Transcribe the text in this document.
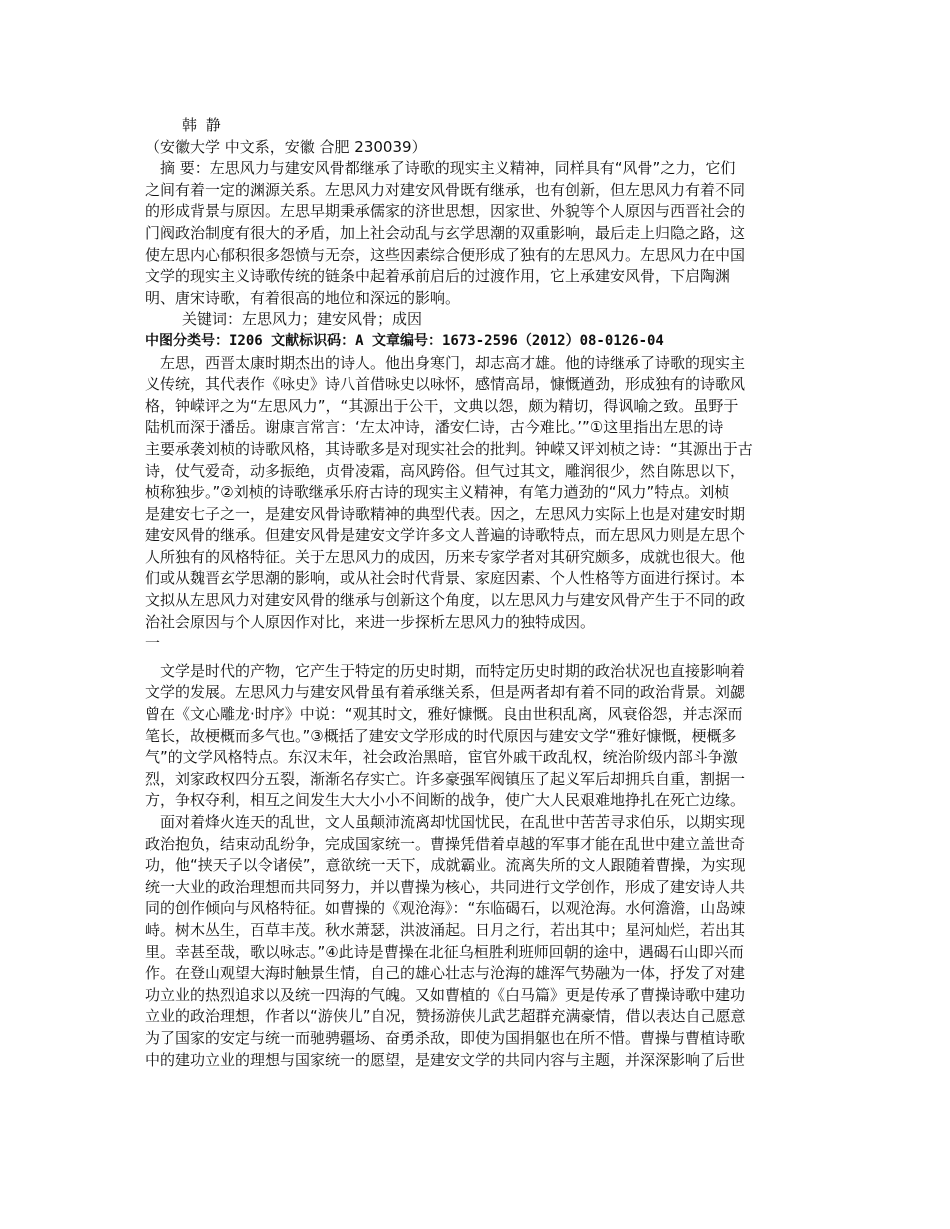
韩 静
（安徽大学 中文系，安徽 合肥 230039）
摘 要：左思风力与建安风骨都继承了诗歌的现实主义精神，同样具有“风骨”之力，它们
之间有着一定的渊源关系。左思风力对建安风骨既有继承，也有创新，但左思风力有着不同
的形成背景与原因。左思早期秉承儒家的济世思想，因家世、外貌等个人原因与西晋社会的
门阀政治制度有很大的矛盾，加上社会动乱与玄学思潮的双重影响，最后走上归隐之路，这
使左思内心郁积很多怨愤与无奈，这些因素综合便形成了独有的左思风力。左思风力在中国
文学的现实主义诗歌传统的链条中起着承前启后的过渡作用，它上承建安风骨，下启陶渊
明、唐宋诗歌，有着很高的地位和深远的影响。
关键词：左思风力；建安风骨；成因
中图分类号：I206 文献标识码：A 文章编号：1673-2596（2012）08-0126-04
左思，西晋太康时期杰出的诗人。他出身寒门，却志高才雄。他的诗继承了诗歌的现实主
义传统，其代表作《咏史》诗八首借咏史以咏怀，感情高昂，慷慨遒劲，形成独有的诗歌风
格，钟嵘评之为“左思风力”，“其源出于公干，文典以怨，颇为精切，得讽喻之致。虽野于
陆机而深于潘岳。谢康言常言：‘左太冲诗，潘安仁诗，古今难比。’”①这里指出左思的诗
主要承袭刘桢的诗歌风格，其诗歌多是对现实社会的批判。钟嵘又评刘桢之诗：“其源出于古
诗，仗气爱奇，动多振绝，贞骨凌霜，高风跨俗。但气过其文，雕润很少，然自陈思以下，
桢称独步。”②刘桢的诗歌继承乐府古诗的现实主义精神，有笔力遒劲的“风力”特点。刘桢
是建安七子之一，是建安风骨诗歌精神的典型代表。因之，左思风力实际上也是对建安时期
建安风骨的继承。但建安风骨是建安文学许多文人普遍的诗歌特点，而左思风力则是左思个
人所独有的风格特征。关于左思风力的成因，历来专家学者对其研究颇多，成就也很大。他
们或从魏晋玄学思潮的影响，或从社会时代背景、家庭因素、个人性格等方面进行探讨。本
文拟从左思风力对建安风骨的继承与创新这个角度，以左思风力与建安风骨产生于不同的政
治社会原因与个人原因作对比，来进一步探析左思风力的独特成因。
一
文学是时代的产物，它产生于特定的历史时期，而特定历史时期的政治状况也直接影响着
文学的发展。左思风力与建安风骨虽有着承继关系，但是两者却有着不同的政治背景。刘勰
曾在《文心雕龙·时序》中说：“观其时文，雅好慷慨。良由世积乱离，风衰俗怨，并志深而
笔长，故梗概而多气也。”③概括了建安文学形成的时代原因与建安文学“雅好慷慨，梗概多
气”的文学风格特点。东汉末年，社会政治黑暗，宦官外戚干政乱权，统治阶级内部斗争激
烈，刘家政权四分五裂，渐渐名存实亡。许多豪强军阀镇压了起义军后却拥兵自重，割据一
方，争权夺利，相互之间发生大大小小不间断的战争，使广大人民艰难地挣扎在死亡边缘。
面对着烽火连天的乱世，文人虽颠沛流离却忧国忧民，在乱世中苦苦寻求伯乐，以期实现
政治抱负，结束动乱纷争，完成国家统一。曹操凭借着卓越的军事才能在乱世中建立盖世奇
功，他“挟天子以令诸侯”，意欲统一天下，成就霸业。流离失所的文人跟随着曹操，为实现
统一大业的政治理想而共同努力，并以曹操为核心，共同进行文学创作，形成了建安诗人共
同的创作倾向与风格特征。如曹操的《观沧海》：“东临碣石，以观沧海。水何澹澹，山岛竦
峙。树木丛生，百草丰茂。秋水萧瑟，洪波涌起。日月之行，若出其中；星河灿烂，若出其
里。幸甚至哉，歌以咏志。”④此诗是曹操在北征乌桓胜利班师回朝的途中，遇碣石山即兴而
作。在登山观望大海时触景生情，自己的雄心壮志与沧海的雄浑气势融为一体，抒发了对建
功立业的热烈追求以及统一四海的气魄。又如曹植的《白马篇》更是传承了曹操诗歌中建功
立业的政治理想，作者以“游侠儿”自况，赞扬游侠儿武艺超群充满豪情，借以表达自己愿意
为了国家的安定与统一而驰骋疆场、奋勇杀敌，即使为国捐躯也在所不惜。曹操与曹植诗歌
中的建功立业的理想与国家统一的愿望，是建安文学的共同内容与主题，并深深影响了后世
